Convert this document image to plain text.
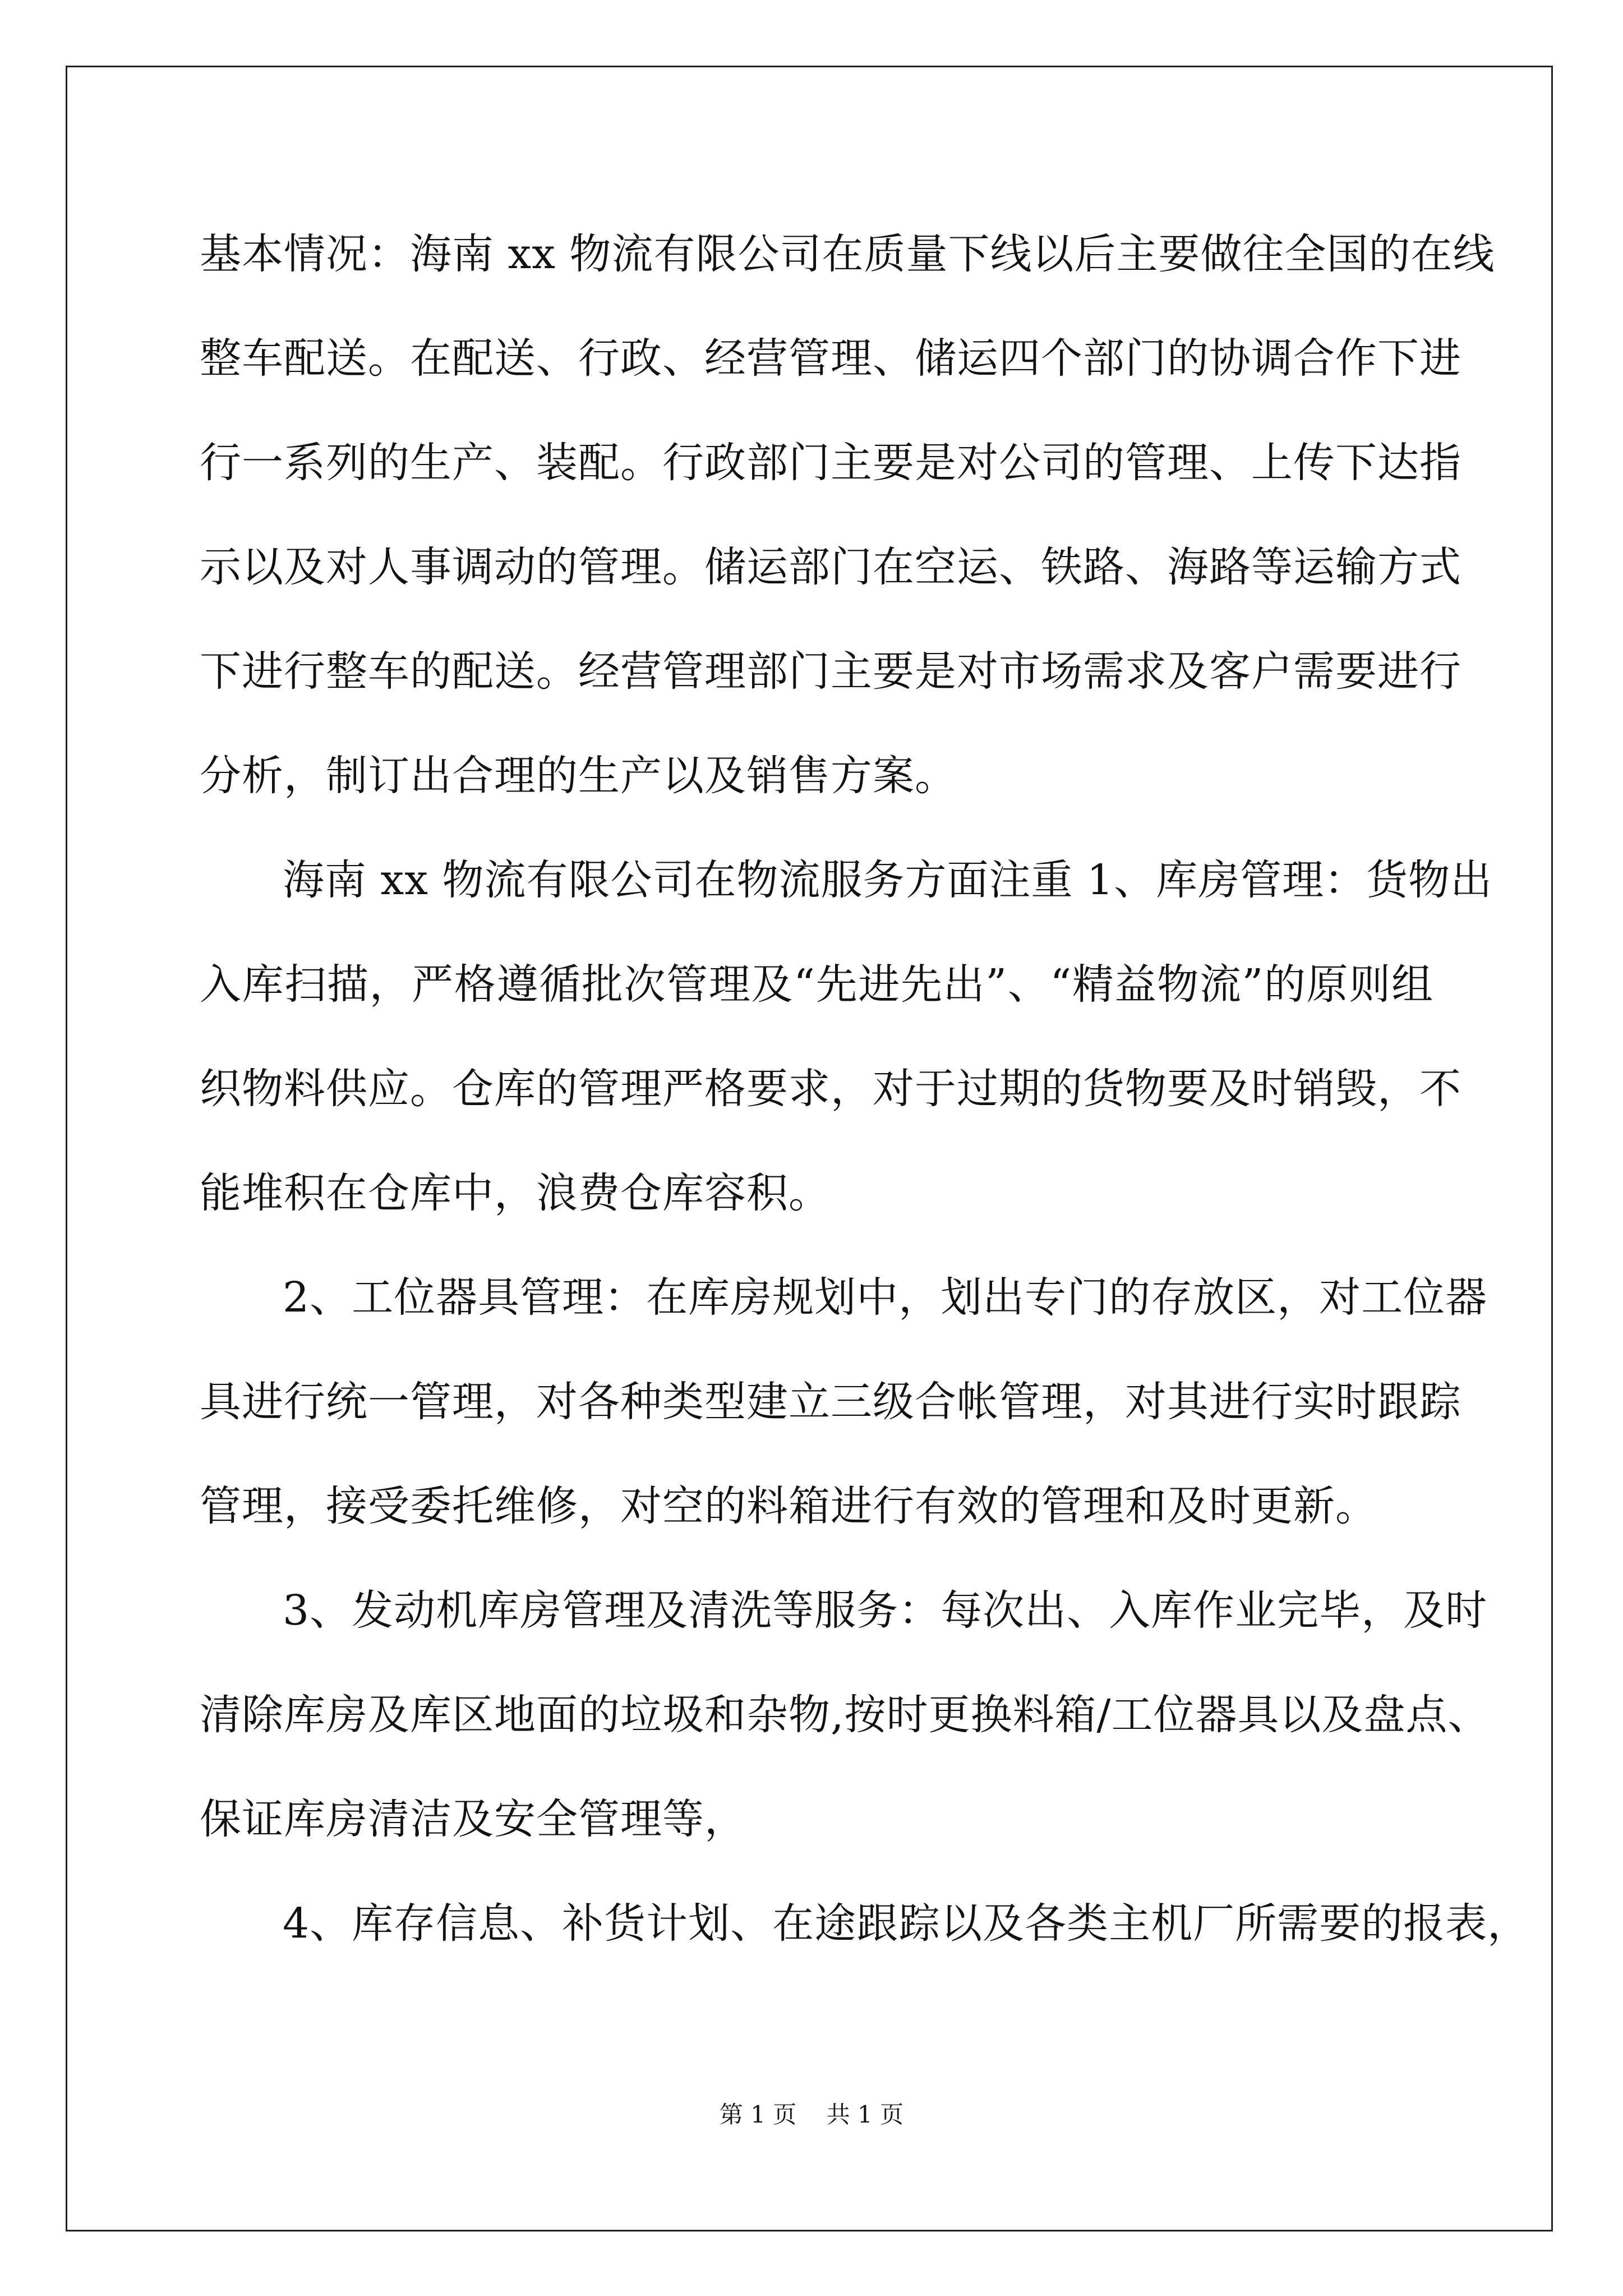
基本情况：海南 xx 物流有限公司在质量下线以后主要做往全国的在线
整车配送。在配送、行政、经营管理、储运四个部门的协调合作下进
行一系列的生产、装配。行政部门主要是对公司的管理、上传下达指
示以及对人事调动的管理。储运部门在空运、铁路、海路等运输方式
下进行整车的配送。经营管理部门主要是对市场需求及客户需要进行
分析，制订出合理的生产以及销售方案。
海南 xx 物流有限公司在物流服务方面注重 1、库房管理：货物出
入库扫描，严格遵循批次管理及“先进先出”、“精益物流”的原则组
织物料供应。仓库的管理严格要求，对于过期的货物要及时销毁，不
能堆积在仓库中，浪费仓库容积。
2、工位器具管理：在库房规划中，划出专门的存放区，对工位器
具进行统一管理，对各种类型建立三级合帐管理，对其进行实时跟踪
管理，接受委托维修，对空的料箱进行有效的管理和及时更新。
3、发动机库房管理及清洗等服务：每次出、入库作业完毕，及时
清除库房及库区地面的垃圾和杂物,按时更换料箱/工位器具以及盘点、
保证库房清洁及安全管理等，
4、库存信息、补货计划、在途跟踪以及各类主机厂所需要的报表，
第 1 页 共 1 页
